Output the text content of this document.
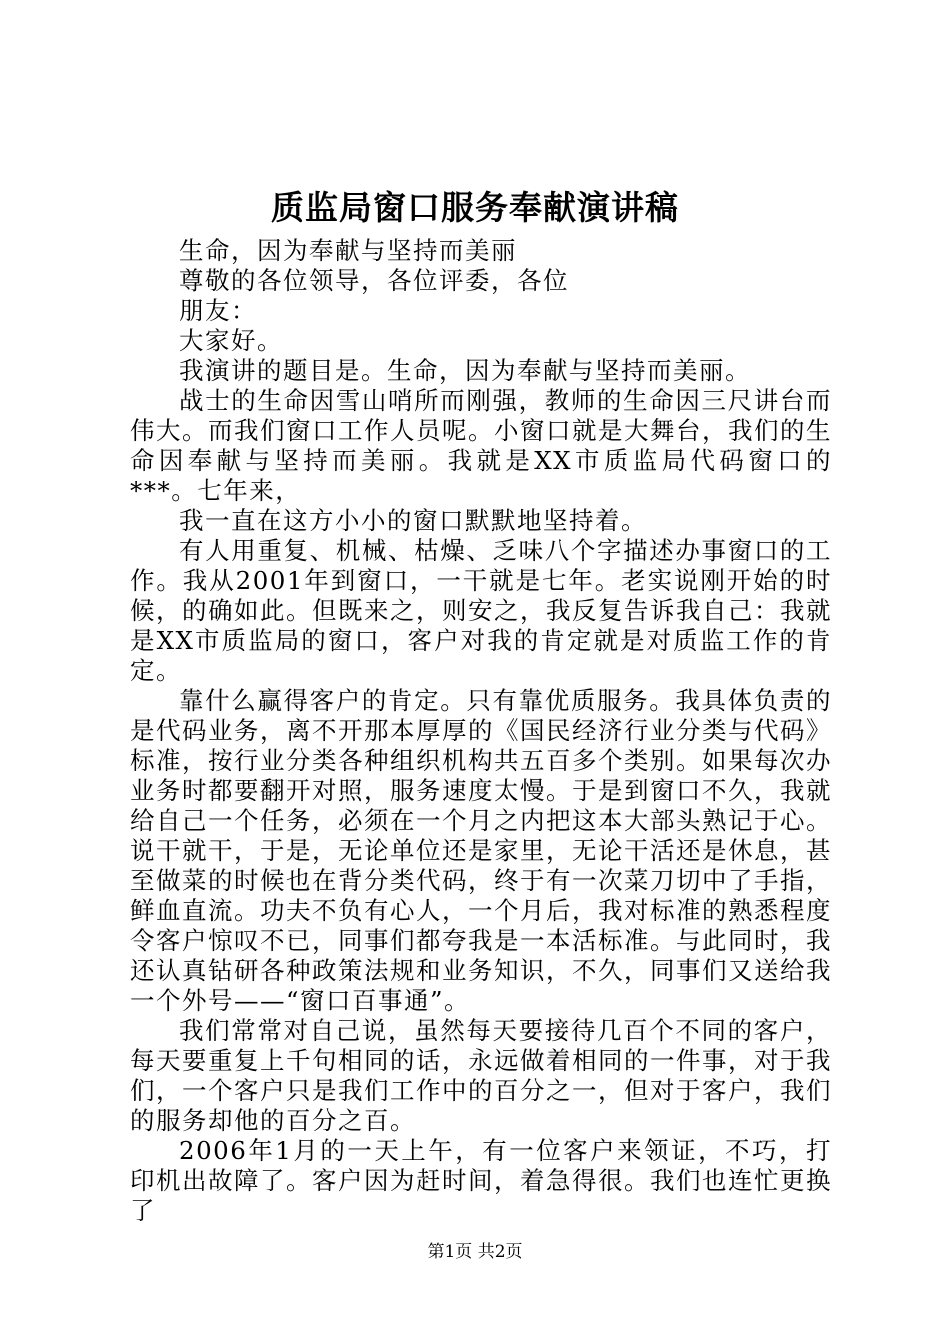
质监局窗口服务奉献演讲稿

生命，因为奉献与坚持而美丽

尊敬的各位领导，各位评委，各位

朋友：

大家好。

我演讲的题目是。生命，因为奉献与坚持而美丽。

战士的生命因雪山哨所而刚强，教师的生命因三尺讲台而伟大。而我们窗口工作人员呢。小窗口就是大舞台，我们的生命因奉献与坚持而美丽。我就是XX市质监局代码窗口的***。七年来，

我一直在这方小小的窗口默默地坚持着。

有人用重复、机械、枯燥、乏味八个字描述办事窗口的工作。我从2001年到窗口，一干就是七年。老实说刚开始的时候，的确如此。但既来之，则安之，我反复告诉我自己：我就是XX市质监局的窗口，客户对我的肯定就是对质监工作的肯定。

靠什么赢得客户的肯定。只有靠优质服务。我具体负责的是代码业务，离不开那本厚厚的《国民经济行业分类与代码》标准，按行业分类各种组织机构共五百多个类别。如果每次办业务时都要翻开对照，服务速度太慢。于是到窗口不久，我就给自己一个任务，必须在一个月之内把这本大部头熟记于心。说干就干，于是，无论单位还是家里，无论干活还是休息，甚至做菜的时候也在背分类代码，终于有一次菜刀切中了手指，鲜血直流。功夫不负有心人，一个月后，我对标准的熟悉程度令客户惊叹不已，同事们都夸我是一本活标准。与此同时，我还认真钻研各种政策法规和业务知识，不久，同事们又送给我一个外号——“窗口百事通”。

我们常常对自己说，虽然每天要接待几百个不同的客户，每天要重复上千句相同的话，永远做着相同的一件事，对于我们，一个客户只是我们工作中的百分之一，但对于客户，我们的服务却他的百分之百。

2006年1月的一天上午，有一位客户来领证，不巧，打印机出故障了。客户因为赶时间，着急得很。我们也连忙更换了

第1页 共2页
